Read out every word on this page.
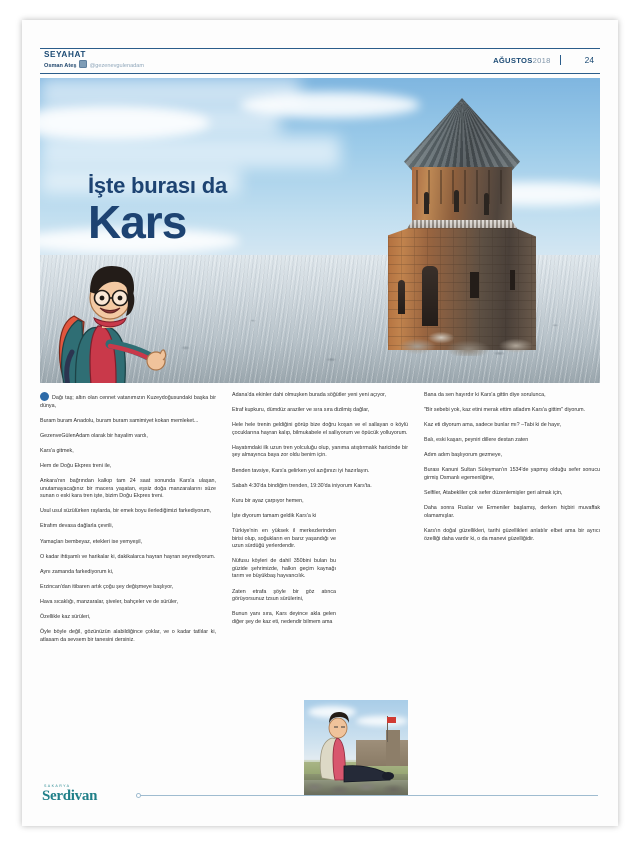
SEYAHAT
Osman Ateş @gezenevgulenadam
AĞUSTOS2018	24
İşte burası da
Kars

Dağı taş; altın olan cennet vatanımızın Kuzeydoğusundaki başka bir dünya,

Buram buram Anadolu, buram buram samimiyet kokan memleket...

GezenveGülenAdam olarak bir hayalim vardı,

Kars'a gitmek,

Hem de Doğu Ekpres treni ile,

Ankara'nın bağrından kalkıp tam 24 saat sonunda Kars'a ulaşan, unutamayacağınız bir macera yaşatan, eşsiz doğa manzaralarını süze sunan o eski kara tren işte, bizim Doğu Ekpres treni.

Usul usul süzülürken raylarda, bir emek boyu ilerlediğimizi farkediyorum,

Etrafım devasa dağlarla çevrili,

Yamaçları bembeyaz, etekleri ise yemyeşil,

O kadar ihtişamlı ve harikalar ki, dakikalarca hayran hayran seyrediyorum.

Aynı zamanda farkediyorum ki,

Erzincan'dan itibaren artık çoğu şey değişmeye başlıyor,

Hava sıcaklığı, manzaralar, şiveler, bahçeler ve de sürüler,

Özellikle kaz sürüleri,

Öyle böyle değil, gözünüzün alabildiğince çoklar, ve o kadar tatlılar ki, atlasam da sevsem bir tanesini dersiniz.

Adana'da ekinler dahi olmuşken burada söğütler yeni yeni açıyor,

Etraf kupkuru, dümdüz araziler ve sıra sıra dizilmiş dağlar,

Hele hele trenin geldiğini görüp bize doğru koşan ve el sallayan o köylü çocuklarına hayran kalıp, bilmukabele el sallıyorum ve öpücük yolluyorum.

Hayatımdaki ilk uzun tren yolculuğu olup, yanıma atıştırmalık haricinde bir şey almayınca baya zor oldu benim için.

Benden tavsiye, Kars'a gelirken yol azığınızı iyi hazırlayın.

Sabah 4:30'da bindiğim trenden, 19:30'da iniyorum Kars'ta.

Kuru bir ayaz çarpıyor hemen,

İşte diyorum tamam geldik Kars'a ki

Türkiye'nin en yüksek il merkezlerinden birisi olup, soğukların en barız yaşandığı ve uzun sürdüğü yerlerdendir.

Nüfusu köyleri de dahil 350bini bulan bu güzide şehrimizde, halkın geçim kaynağı tarım ve büyükbaş hayvancılık.

Zaten etrafa şöyle bir göz atınca görüyorsunuz tzsun sürülerini,

Bunun yanı sıra, Kars deyince akla gelen diğer şey de kaz eti, nedendir bilmem ama

Bana da sen hayırdır ki Kars'a gittin diye sorulunca,

"Bir sebebi yok, kaz etini merak ettim atladım Kars'a gittim" diyorum.

Kaz eti diyorum ama, sadece bunlar mı? –Tabi ki de hayır,

Balı, eski kaşarı, peyniri dillere destan zaten

Adım adım başlıyorum gezmeye,

Burası Kanuni Sultan Süleyman'ın 1534'de yapmış olduğu sefer sonucu girmiş Osmanlı egemenliğine,

Selfiler, Atabekliler çok sefer düzenlemişler geri almak için,

Daha sonra Ruslar ve Ermeniler başlamış, derken hiçbiri muvaffak olamamışlar.

Kars'ın doğal güzellikleri, tarihi güzellikleri anlatılır elbet ama bir ayrıcı özelliği daha vardır ki, o da manevi güzelliğidir.

SAKARYA
Serdivan
